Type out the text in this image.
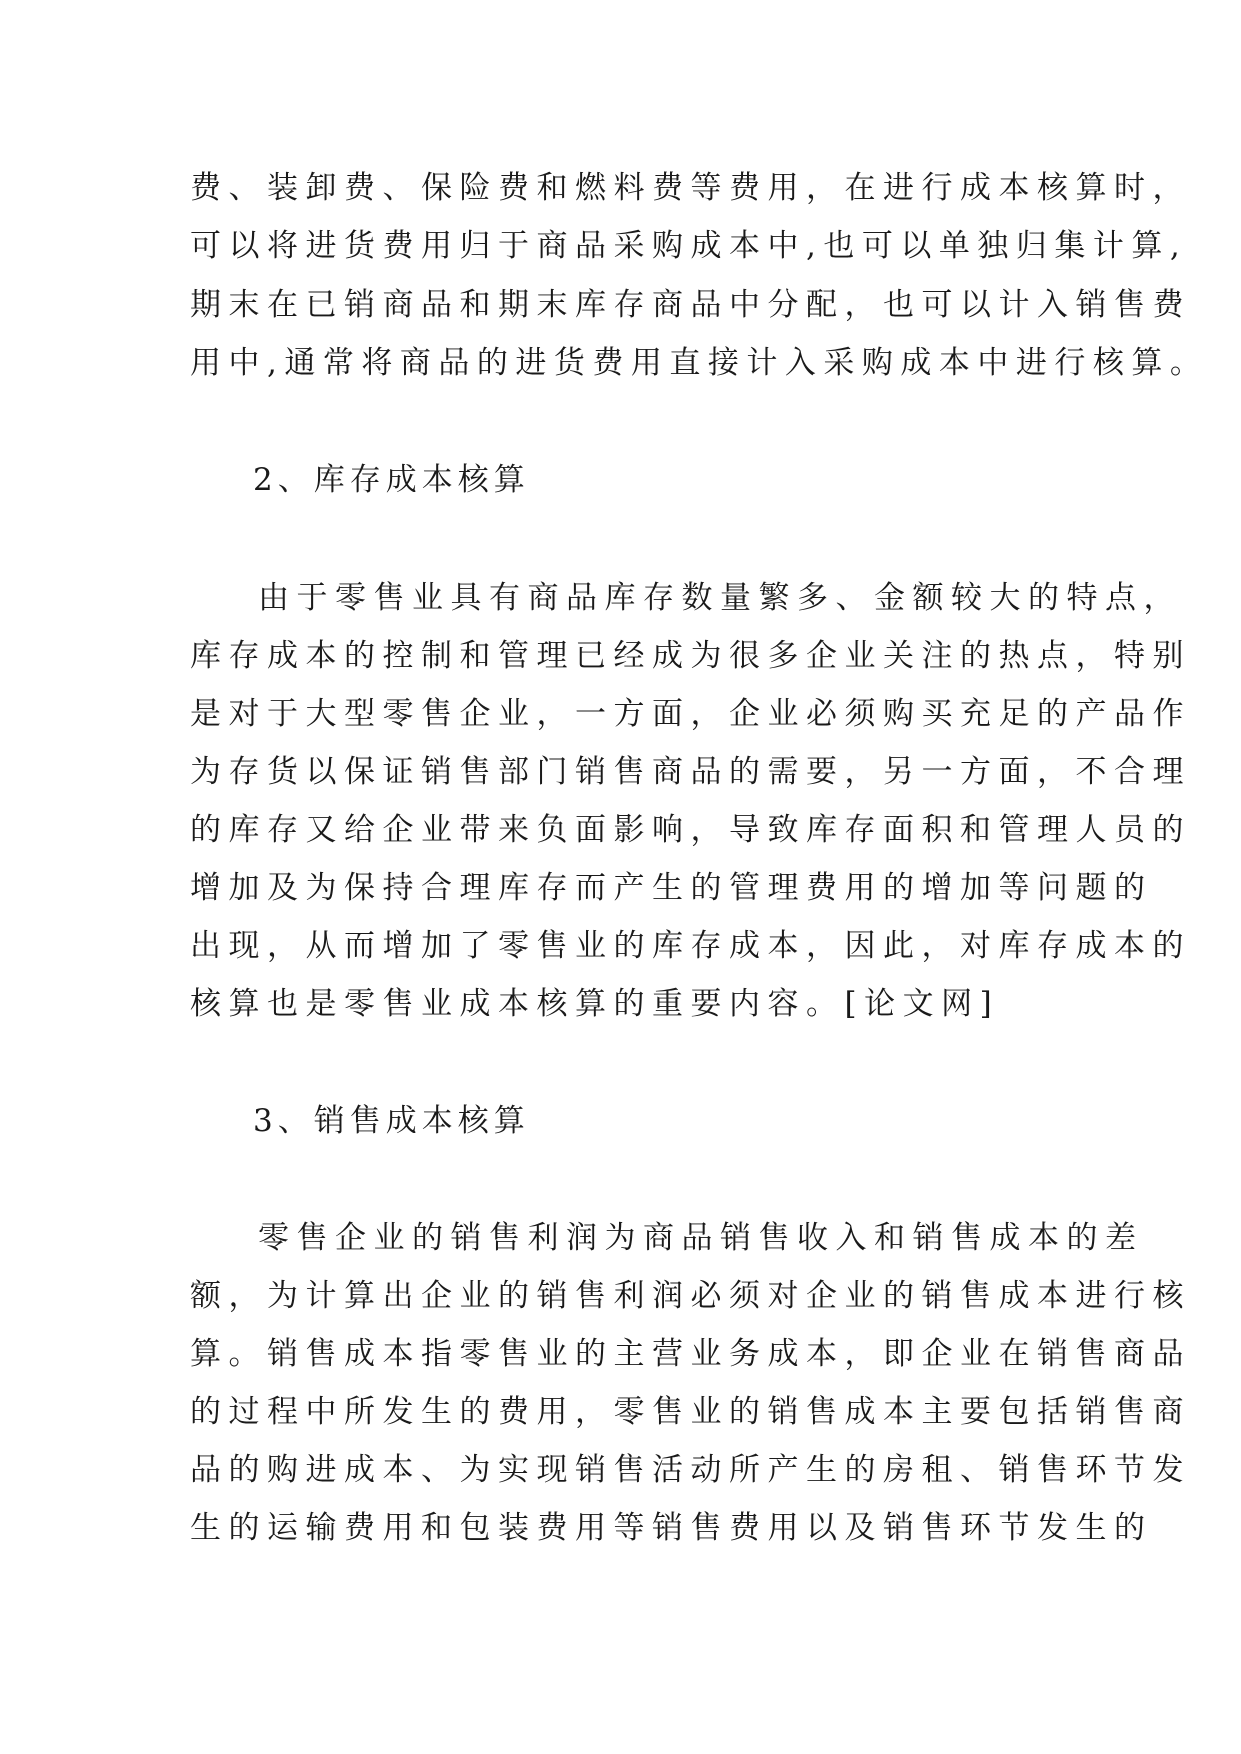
费、装卸费、保险费和燃料费等费用，在进行成本核算时，
可以将进货费用归于商品采购成本中,也可以单独归集计算,
期末在已销商品和期末库存商品中分配，也可以计入销售费
用中,通常将商品的进货费用直接计入采购成本中进行核算。
2、库存成本核算
由于零售业具有商品库存数量繁多、金额较大的特点，
库存成本的控制和管理已经成为很多企业关注的热点，特别
是对于大型零售企业，一方面，企业必须购买充足的产品作
为存货以保证销售部门销售商品的需要，另一方面，不合理
的库存又给企业带来负面影响，导致库存面积和管理人员的
增加及为保持合理库存而产生的管理费用的增加等问题的
出现，从而增加了零售业的库存成本，因此，对库存成本的
核算也是零售业成本核算的重要内容。[论文网]
3、销售成本核算
零售企业的销售利润为商品销售收入和销售成本的差
额，为计算出企业的销售利润必须对企业的销售成本进行核
算。销售成本指零售业的主营业务成本，即企业在销售商品
的过程中所发生的费用，零售业的销售成本主要包括销售商
品的购进成本、为实现销售活动所产生的房租、销售环节发
生的运输费用和包装费用等销售费用以及销售环节发生的
